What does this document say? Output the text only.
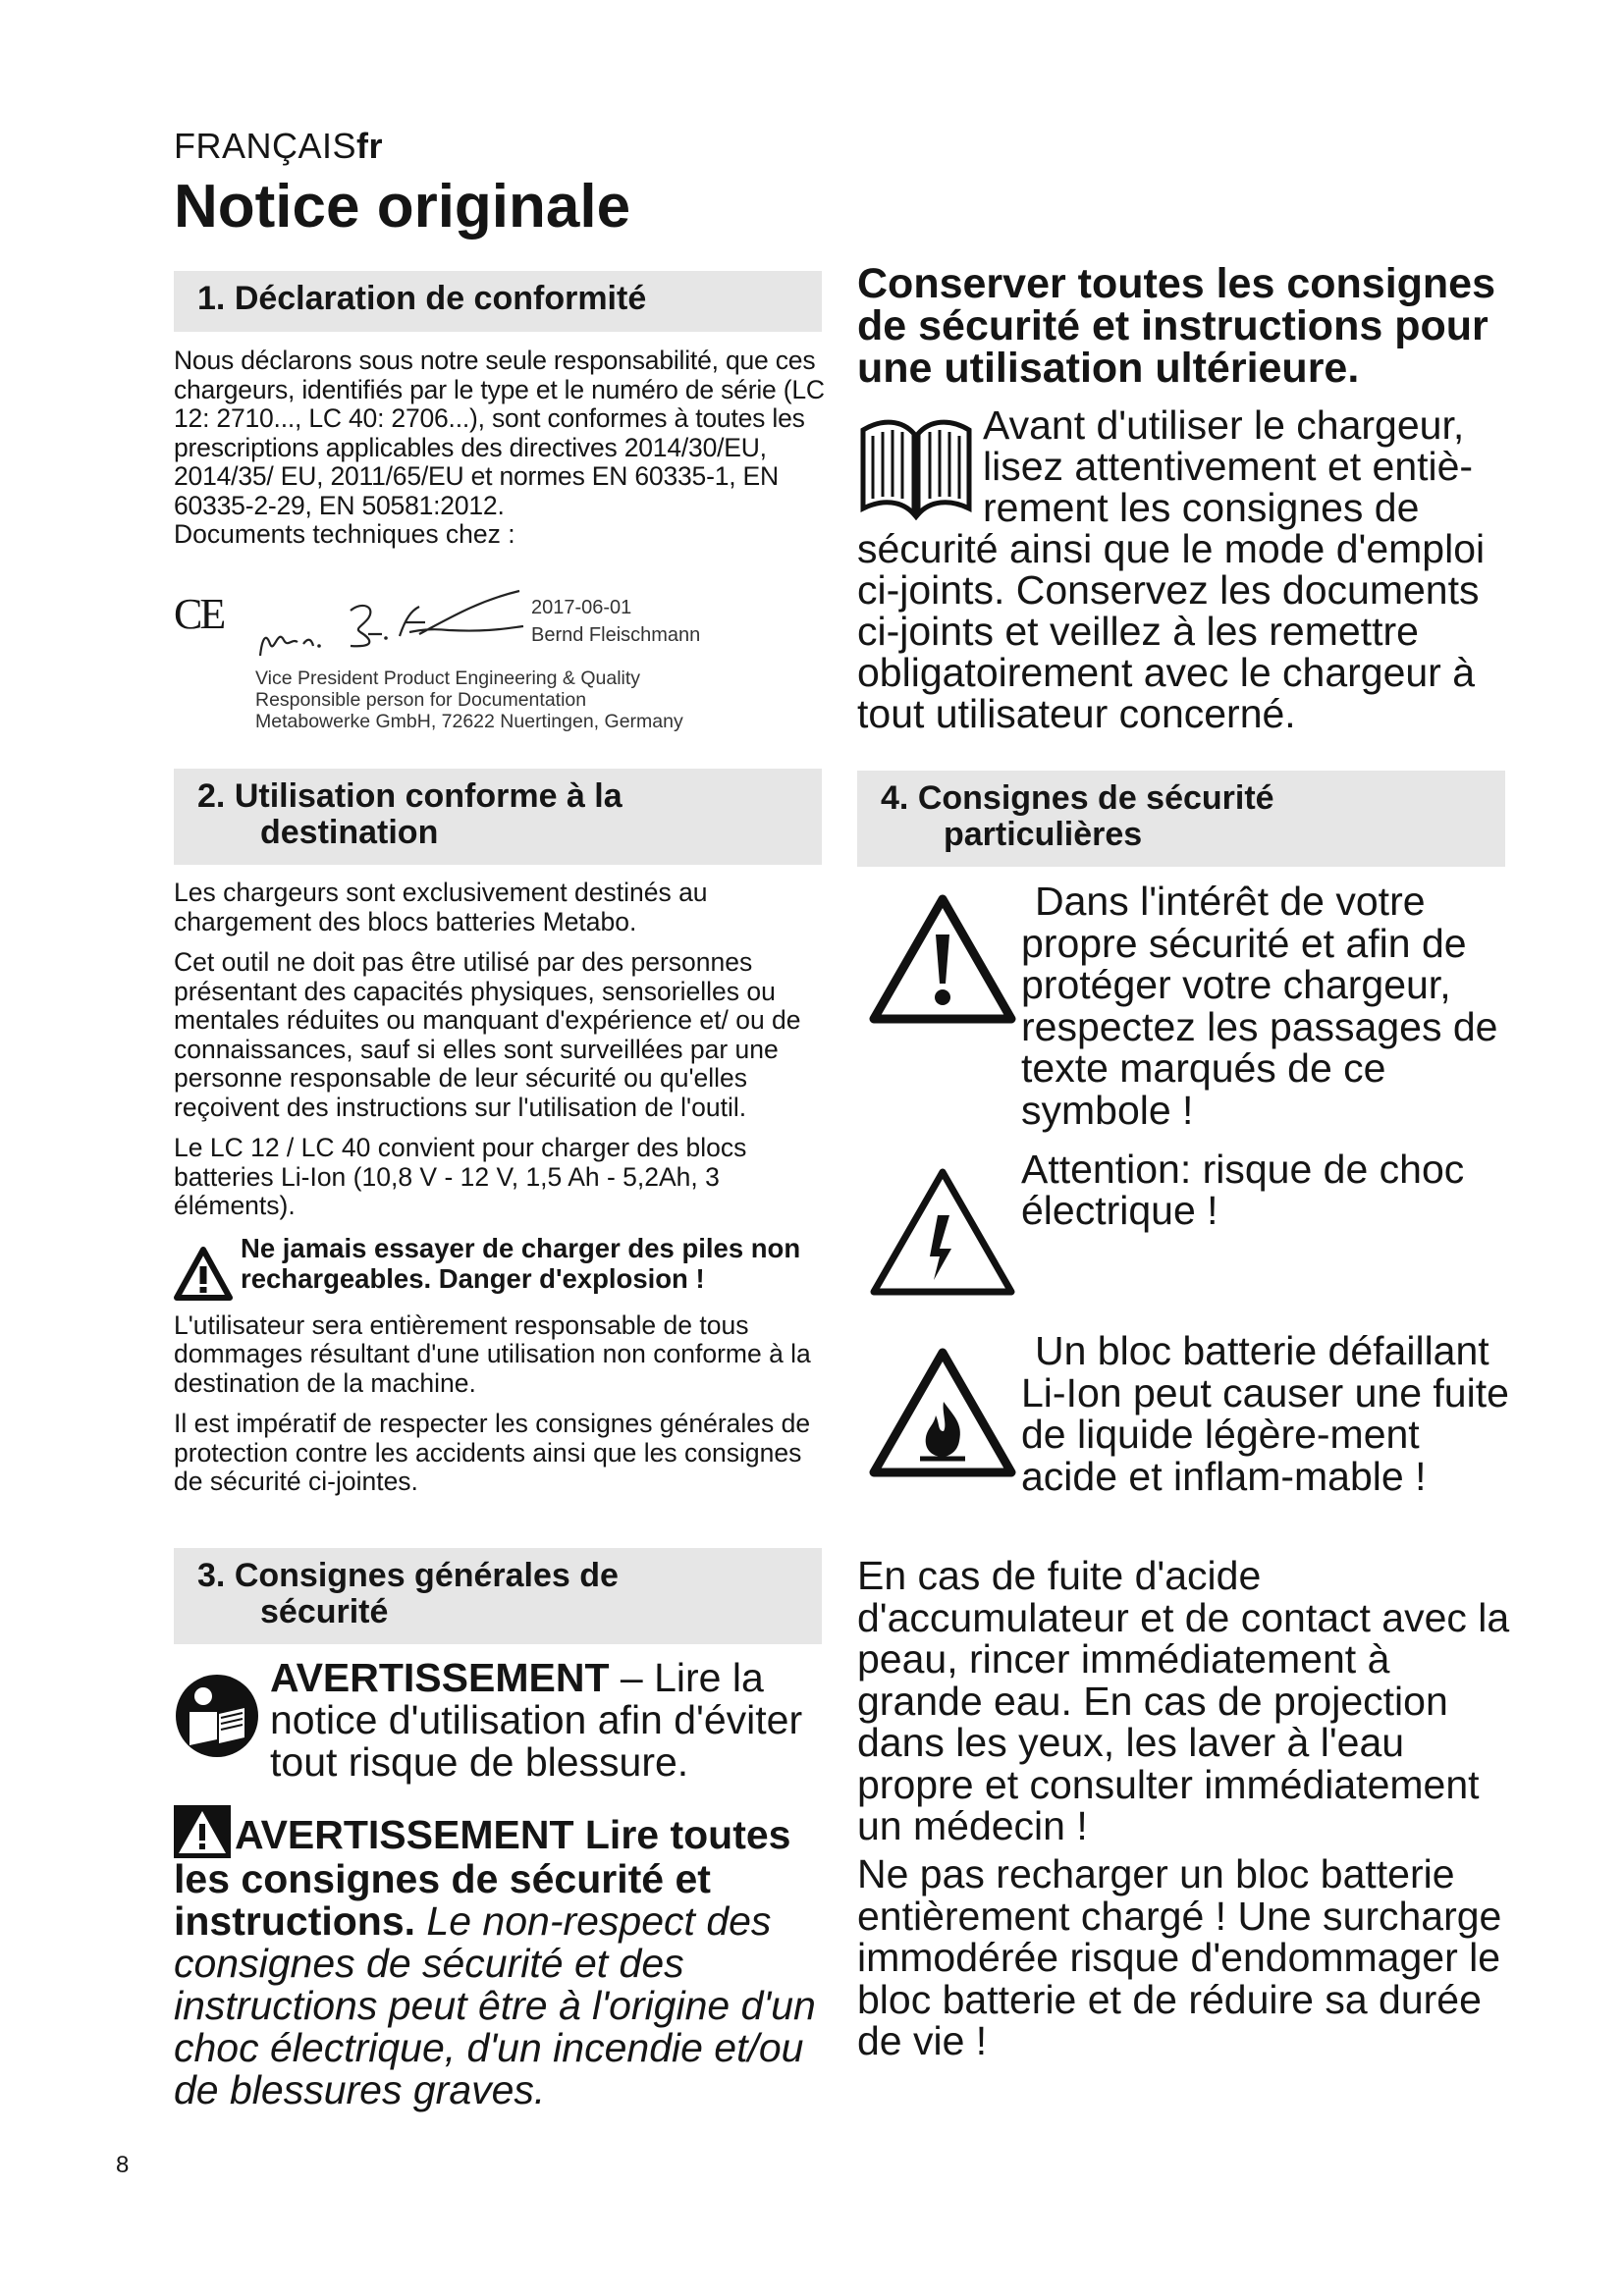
FRANÇAISfr
Notice originale
1. Déclaration de conformité

Nous déclarons sous notre seule responsabilité, que ces chargeurs, identifiés par le type et le numéro de série (LC 12: 2710..., LC 40: 2706...), sont conformes à toutes les prescriptions applicables des directives 2014/30/EU, 2014/35/ EU, 2011/65/EU et normes EN 60335-1, EN 60335-2-29, EN 50581:2012.

Documents techniques chez :

CE	2017-06-01
Bernd Fleischmann
Vice President Product Engineering & Quality
Responsible person for Documentation
Metabowerke GmbH, 72622 Nuertingen, Germany
2. Utilisation conforme à la
destination

Les chargeurs sont exclusivement destinés au chargement des blocs batteries Metabo.

Cet outil ne doit pas être utilisé par des personnes présentant des capacités physiques, sensorielles ou mentales réduites ou manquant d'expérience et/ ou de connaissances, sauf si elles sont surveillées par une personne responsable de leur sécurité ou qu'elles reçoivent des instructions sur l'utilisation de l'outil.

Le LC 12 / LC 40 convient pour charger des blocs batteries Li-Ion (10,8 V - 12 V, 1,5 Ah - 5,2Ah, 3 éléments).

Ne jamais essayer de charger des piles non rechargeables. Danger d'explosion !

L'utilisateur sera entièrement responsable de tous dommages résultant d'une utilisation non conforme à la destination de la machine.

Il est impératif de respecter les consignes générales de protection contre les accidents ainsi que les consignes de sécurité ci-jointes.

3. Consignes générales de
sécurité

AVERTISSEMENT – Lire la notice d'utilisation afin d'éviter tout risque de blessure.

AVERTISSEMENT Lire toutes les consignes de sécurité et instructions. Le non-respect des consignes de sécurité et des instructions peut être à l'origine d'un choc électrique, d'un incendie et/ou de blessures graves.

Conserver toutes les consignes de sécurité et instructions pour une utilisation ultérieure.

Avant d'utiliser le chargeur, lisez attentivement et entiè-rement les consignes de sécurité ainsi que le mode d'emploi ci-joints. Conservez les documents ci-joints et veillez à les remettre obligatoirement avec le chargeur à tout utilisateur concerné.

4. Consignes de sécurité
particulières

Dans l'intérêt de votre propre sécurité et afin de protéger votre chargeur, respectez les passages de texte marqués de ce symbole !

Attention: risque de choc électrique !

Un bloc batterie défaillant Li-Ion peut causer une fuite de liquide légère-ment acide et inflam-mable !

En cas de fuite d'acide d'accumulateur et de contact avec la peau, rincer immédiatement à grande eau. En cas de projection dans les yeux, les laver à l'eau propre et consulter immédiatement un médecin !

Ne pas recharger un bloc batterie entièrement chargé ! Une surcharge immodérée risque d'endommager le bloc batterie et de réduire sa durée de vie !

8
